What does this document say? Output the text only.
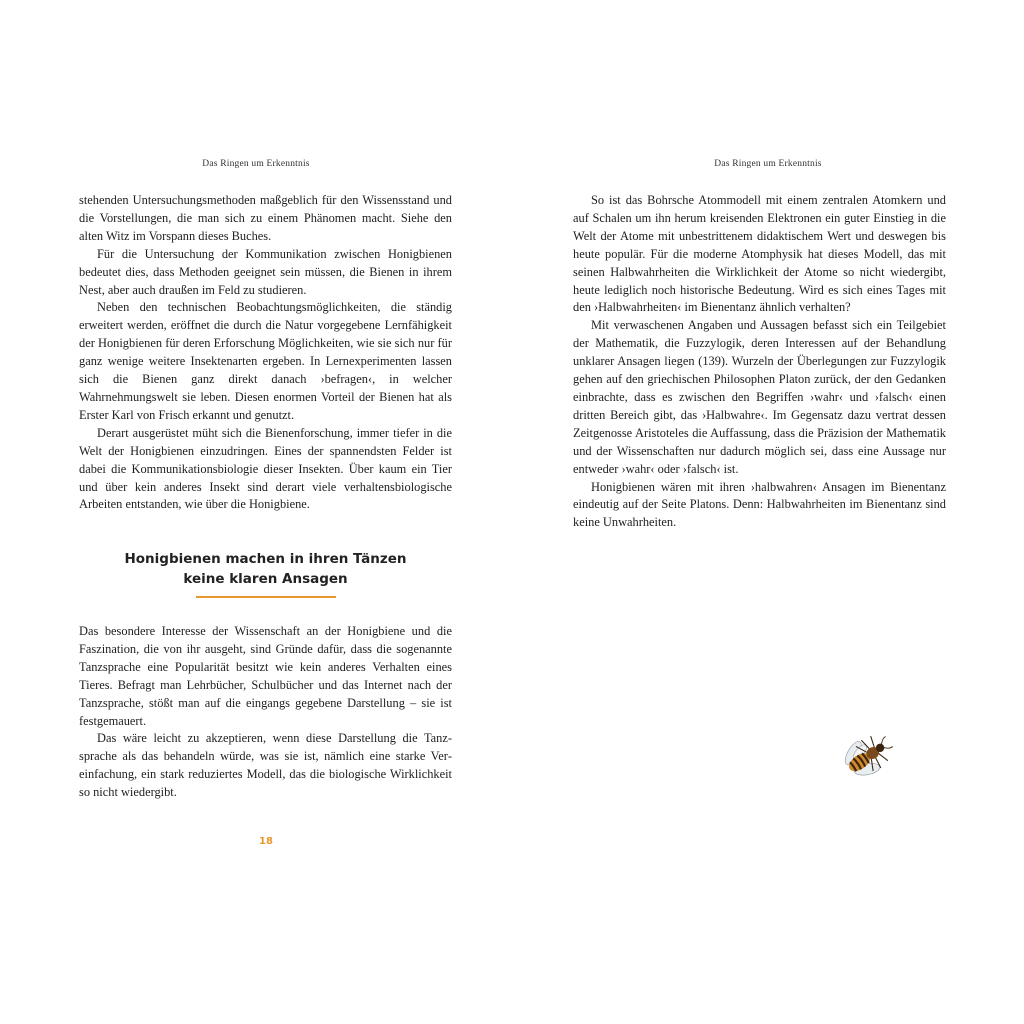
Das Ringen um Erkenntnis

stehenden Untersuchungsmethoden maßgeblich für den Wissensstand und die Vorstellungen, die man sich zu einem Phänomen macht. Siehe den alten Witz im Vorspann dieses Buches.

Für die Untersuchung der Kommunikation zwischen Honigbienen bedeutet dies, dass Methoden geeignet sein müssen, die Bienen in ihrem Nest, aber auch draußen im Feld zu studieren.

Neben den technischen Beobachtungsmöglichkeiten, die ständig erweitert werden, eröffnet die durch die Natur vorgegebene Lernfähigkeit der Honigbienen für deren Erforschung Möglichkeiten, wie sie sich nur für ganz wenige weitere Insektenarten ergeben. In Lernexperimenten lassen sich die Bienen ganz direkt danach ›befragen‹, in welcher Wahrnehmungswelt sie leben. Diesen enormen Vorteil der Bienen hat als Erster Karl von Frisch erkannt und genutzt.

Derart ausgerüstet müht sich die Bienenforschung, immer tiefer in die Welt der Honigbienen einzudringen. Eines der spannendsten Felder ist dabei die Kommunikationsbiologie dieser Insekten. Über kaum ein Tier und über kein anderes Insekt sind derart viele verhaltensbiologische Arbeiten entstanden, wie über die Honigbiene.

Honigbienen machen in ihren Tänzen
keine klaren Ansagen

Das besondere Interesse der Wissenschaft an der Honigbiene und die Faszination, die von ihr ausgeht, sind Gründe dafür, dass die sogenannte Tanzsprache eine Popularität besitzt wie kein anderes Verhalten eines Tieres. Befragt man Lehrbücher, Schulbücher und das Internet nach der Tanzsprache, stößt man auf die eingangs gegebene Darstellung – sie ist festgemauert.

Das wäre leicht zu akzeptieren, wenn diese Darstellung die Tanzsprache als das behandeln würde, was sie ist, nämlich eine starke Vereinfachung, ein stark reduziertes Modell, das die biologische Wirklichkeit so nicht wiedergibt.

18
Das Ringen um Erkenntnis

So ist das Bohrsche Atommodell mit einem zentralen Atomkern und auf Schalen um ihn herum kreisenden Elektronen ein guter Einstieg in die Welt der Atome mit unbestrittenem didaktischem Wert und deswegen bis heute populär. Für die moderne Atomphysik hat dieses Modell, das mit seinen Halbwahrheiten die Wirklichkeit der Atome so nicht wiedergibt, heute lediglich noch historische Bedeutung. Wird es sich eines Tages mit den ›Halbwahrheiten‹ im Bienentanz ähnlich verhalten?

Mit verwaschenen Angaben und Aussagen befasst sich ein Teilgebiet der Mathematik, die Fuzzylogik, deren Interessen auf der Behandlung unklarer Ansagen liegen (139). Wurzeln der Überlegungen zur Fuzzylogik gehen auf den griechischen Philosophen Platon zurück, der den Gedanken einbrachte, dass es zwischen den Begriffen ›wahr‹ und ›falsch‹ einen dritten Bereich gibt, das ›Halbwahre‹. Im Gegensatz dazu vertrat dessen Zeitgenosse Aristoteles die Auffassung, dass die Präzision der Mathematik und der Wissenschaften nur dadurch möglich sei, dass eine Aussage nur entweder ›wahr‹ oder ›falsch‹ ist.

Honigbienen wären mit ihren ›halbwahren‹ Ansagen im Bienentanz eindeutig auf der Seite Platons. Denn: Halbwahrheiten im Bienentanz sind keine Unwahrheiten.
